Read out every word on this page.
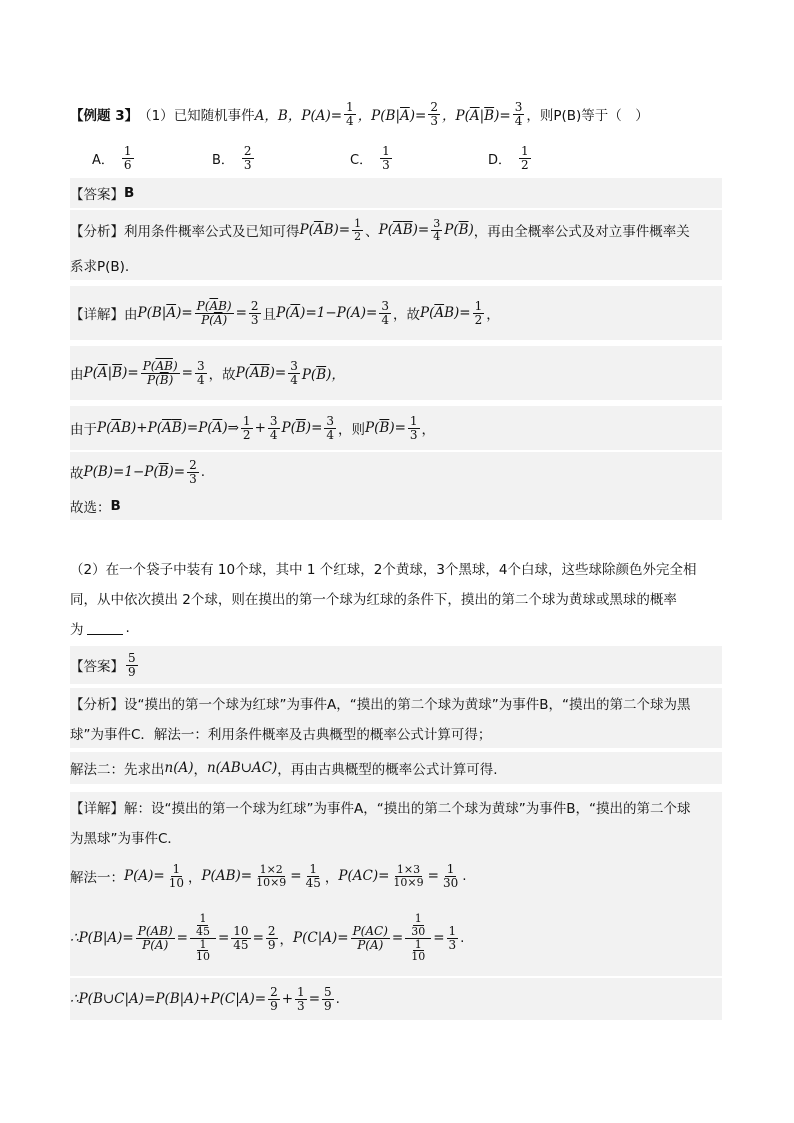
【例题 3】 （1） 已知随机事件 A，B，$P(A)= \frac{1}{4}$ ，$P(B|\overline{A})= \frac{2}{3}$ ，$P(\overline{A}|\overline{B})= \frac{3}{4}$ ，则P(B)等于（　）
A． $\frac{1}{6}$	B． $\frac{2}{3}$	C． $\frac{1}{3}$	D． $\frac{1}{2}$
【答案】 B
【分析】 利用条件概率公式及已知可得 $P(\overline{A}B)= \frac{1}{2}$ 、 $P(\overline{A}\overline{B})= \frac{3}{4} P(\overline{B})$ ，再由全概率公式及对立事件概率关
系求P(B).
【详解】 由 $P(B|\overline{A})= \frac{P(\overline{A}B)}{P(\overline{A})} = \frac{2}{3}$ 且 $P(\overline{A})=1-P(A)= \frac{3}{4}$ ，故 $P(\overline{A}B)= \frac{1}{2}$ ，
由 $P(\overline{A}|\overline{B})= \frac{P(\overline{AB})}{P(\overline{B})} = \frac{3}{4}$ ，故 $P(\overline{A}\overline{B})= \frac{3}{4} P(\overline{B})$，
由于 $P(\overline{A}B)+P(\overline{A}\overline{B})=P(\overline{A})\Rightarrow \frac{1}{2} + \frac{3}{4} P(\overline{B})= \frac{3}{4}$ ，则 $P(\overline{B})= \frac{1}{3}$ ，
故 $P(B)=1-P(\overline{B})= \frac{2}{3}$ .
故选： B
（2） 在一个袋子中装有 10个球，其中 1 个红球，2个黄球，3个黑球，4个白球，这些球除颜色外完全相
同，从中依次摸出 2个球，则在摸出的第一个球为红球的条件下，摸出的第二个球为黄球或黑球的概率
为	.
【答案】 $\frac{5}{9}$
【分析】 设“摸出的第一个球为红球”为事件A，“摸出的第二个球为黄球”为事件B，“摸出的第二个球为黑
球”为事件C．解法一：利用条件概率及古典概型的概率公式计算可得；
解法二：先求出 n(A) ， n(AB∪AC) ，再由古典概型的概率公式计算可得.
【详解】 解：设“摸出的第一个球为红球”为事件A，“摸出的第二个球为黄球”为事件B，“摸出的第二个球
为黑球”为事件C．
解法一： $P(A)= \frac{1}{10}$ ， $P(AB)= \frac{1\times 2}{10\times 9} = \frac{1}{45}$ ， $P(AC)= \frac{1\times 3}{10\times 9} = \frac{1}{30}$ .
∴P(B|A)= $\frac{P(AB)}{P(A)} = \frac{\frac{1}{45}}{\frac{1}{10}} = \frac{10}{45} = \frac{2}{9}$ ， $P(C|A)= \frac{P(AC)}{P(A)} = \frac{\frac{1}{30}}{\frac{1}{10}} = \frac{1}{3}$ .
∴P(B∪C|A)=P(B|A)+P(C|A)= $\frac{2}{9} + \frac{1}{3} = \frac{5}{9}$ .
